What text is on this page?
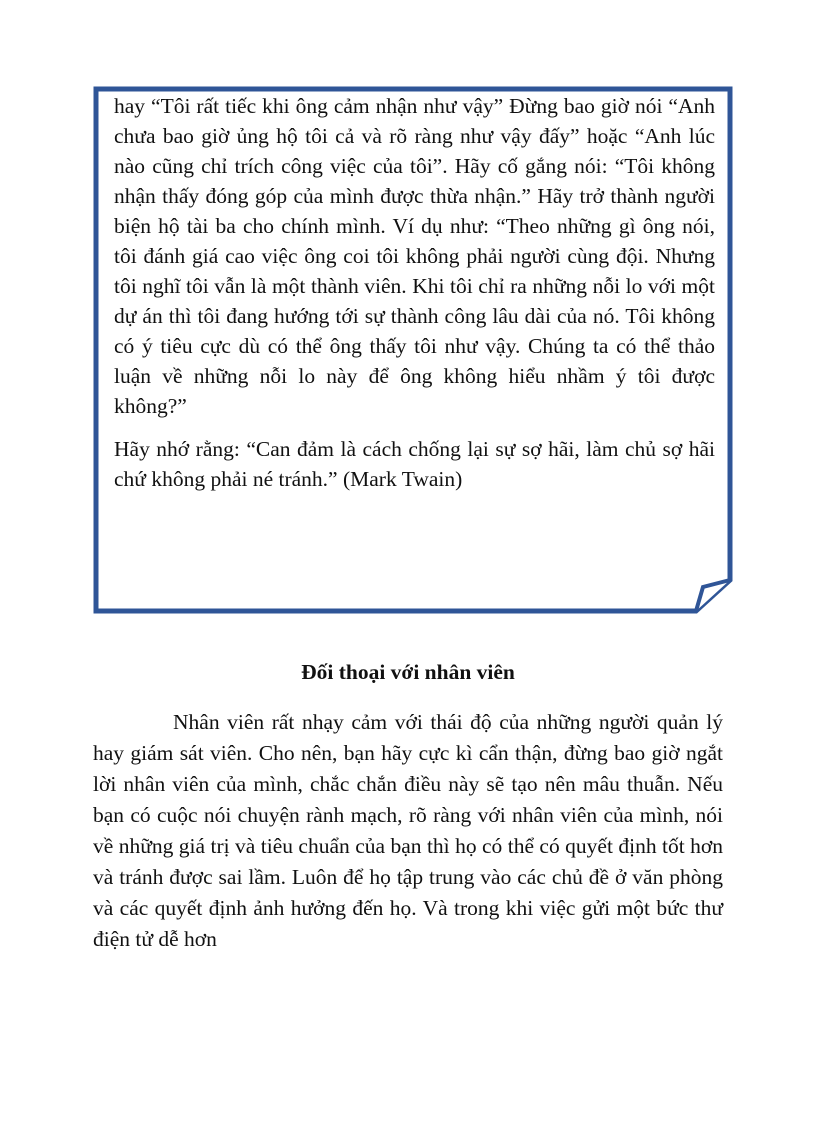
hay “Tôi rất tiếc khi ông cảm nhận như vậy” Đừng bao giờ nói “Anh chưa bao giờ ủng hộ tôi cả và rõ ràng như vậy đấy” hoặc “Anh lúc nào cũng chỉ trích công việc của tôi”. Hãy cố gắng nói: “Tôi không nhận thấy đóng góp của mình được thừa nhận.” Hãy trở thành người biện hộ tài ba cho chính mình. Ví dụ như: “Theo những gì ông nói, tôi đánh giá cao việc ông coi tôi không phải người cùng đội. Nhưng tôi nghĩ tôi vẫn là một thành viên. Khi tôi chỉ ra những nỗi lo với một dự án thì tôi đang hướng tới sự thành công lâu dài của nó. Tôi không có ý tiêu cực dù có thể ông thấy tôi như vậy. Chúng ta có thể thảo luận về những nỗi lo này để ông không hiểu nhầm ý tôi được không?”

Hãy nhớ rằng: “Can đảm là cách chống lại sự sợ hãi, làm chủ sợ hãi chứ không phải né tránh.” (Mark Twain)

Đối thoại với nhân viên

Nhân viên rất nhạy cảm với thái độ của những người quản lý hay giám sát viên. Cho nên, bạn hãy cực kì cẩn thận, đừng bao giờ ngắt lời nhân viên của mình, chắc chắn điều này sẽ tạo nên mâu thuẫn. Nếu bạn có cuộc nói chuyện rành mạch, rõ ràng với nhân viên của mình, nói về những giá trị và tiêu chuẩn của bạn thì họ có thể có quyết định tốt hơn và tránh được sai lầm. Luôn để họ tập trung vào các chủ đề ở văn phòng và các quyết định ảnh hưởng đến họ. Và trong khi việc gửi một bức thư điện tử dễ hơn
